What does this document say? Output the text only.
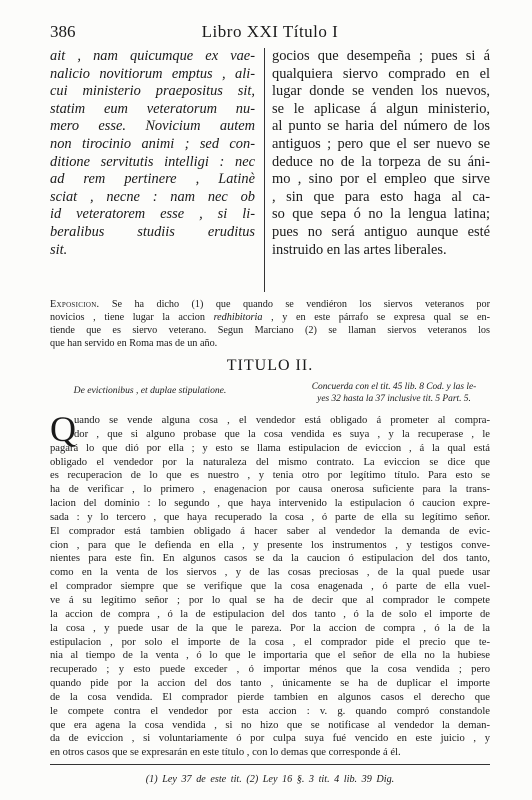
386	Libro XXI Título I
ait , nam quicumque ex vae-
nalicio novitiorum emptus , ali-
cui ministerio praepositus sit,
statim eum veteratorum nu-
mero esse. Novicium autem
non tirocinio animi ; sed con-
ditione servitutis intelligi : nec
ad rem pertinere , Latinè
sciat , necne : nam nec ob
id veteratorem esse , si li-
beralibus studiis eruditus
sit.
gocios que desempeña ; pues si á
qualquiera siervo comprado en el
lugar donde se venden los nuevos,
se le aplicase á algun ministerio,
al punto se haria del número de los
antiguos ; pero que el ser nuevo se
deduce no de la torpeza de su áni-
mo , sino por el empleo que sirve
, sin que para esto haga al ca-
so que sepa ó no la lengua latina;
pues no será antiguo aunque esté
instruido en las artes liberales.
Exposicion. Se ha dicho (1) que quando se vendiéron los siervos veteranos por
novicios , tiene lugar la accion redhibitoria , y en este párrafo se expresa qual se en-
tiende que es siervo veterano. Segun Marciano (2) se llaman siervos veteranos los
que han servido en Roma mas de un año.
TITULO II.
De evictionibus , et duplae stipulatione.	Concuerda con el tit. 45 lib. 8 Cod. y las le-
yes 32 hasta la 37 inclusive tit. 5 Part. 5.
Q
uando se vende alguna cosa , el vendedor está obligado á prometer al compra-
dor , que si alguno probase que la cosa vendida es suya , y la recuperase , le
pagará lo que dió por ella ; y esto se llama estipulacion de eviccion , á la qual está
obligado el vendedor por la naturaleza del mismo contrato. La eviccion se dice que
es recuperacion de lo que es nuestro , y tenia otro por legítimo título. Para esto se
ha de verificar , lo primero , enagenacion por causa onerosa suficiente para la trans-
lacion del dominio : lo segundo , que haya intervenido la estipulacion ó caucion expre-
sada : y lo tercero , que haya recuperado la cosa , ó parte de ella su legítimo señor.
El comprador está tambien obligado á hacer saber al vendedor la demanda de evic-
cion , para que le defienda en ella , y presente los instrumentos , y testigos conve-
nientes para este fin. En algunos casos se da la caucion ó estipulacion del dos tanto,
como en la venta de los siervos , y de las cosas preciosas , de la qual puede usar
el comprador siempre que se verifique que la cosa enagenada , ó parte de ella vuel-
ve á su legítimo señor ; por lo qual se ha de decir que al comprador le compete
la accion de compra , ó la de estipulacion del dos tanto , ó la de solo el importe de
la cosa , y puede usar de la que le pareza. Por la accion de compra , ó la de la
estipulacion , por solo el importe de la cosa , el comprador pide el precio que te-
nia al tiempo de la venta , ó lo que le importaria que el señor de ella no la hubiese
recuperado ; y esto puede exceder , ó importar ménos que la cosa vendida ; pero
quando pide por la accion del dos tanto , únicamente se ha de duplicar el importe
de la cosa vendida. El comprador pierde tambien en algunos casos el derecho que
le compete contra el vendedor por esta accion : v. g. quando compró constandole
que era agena la cosa vendida , si no hizo que se notificase al vendedor la deman-
da de eviccion , si voluntariamente ó por culpa suya fué vencido en este juicio , y
en otros casos que se expresarán en este título , con lo demas que corresponde á él.
(1) Ley 37 de este tit. (2) Ley 16 §. 3 tit. 4 lib. 39 Dig.
